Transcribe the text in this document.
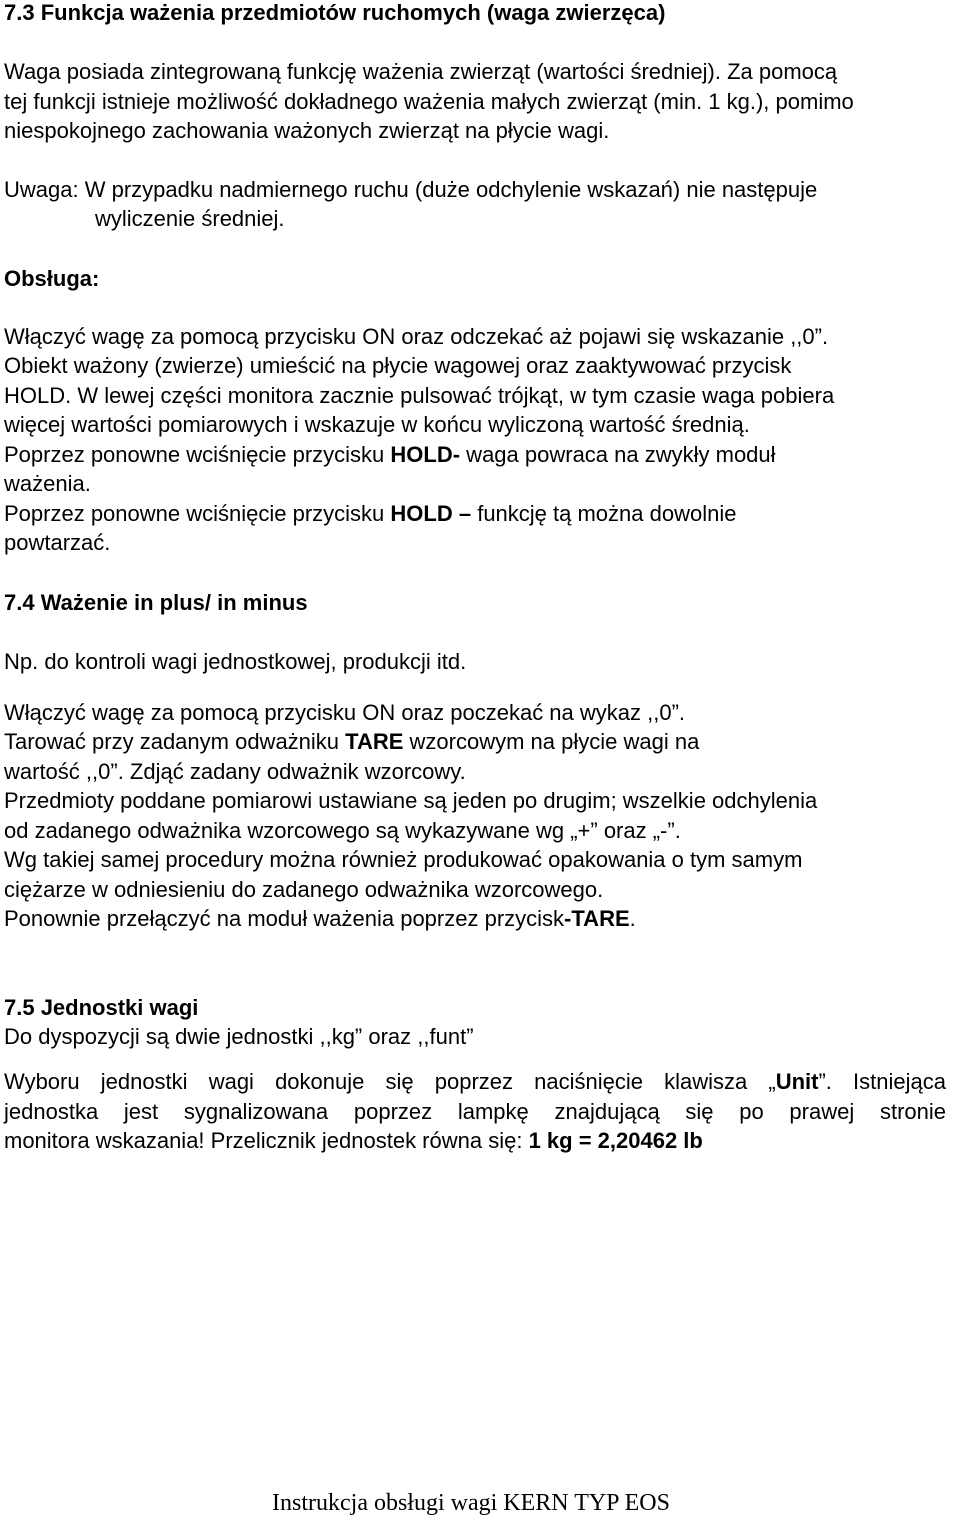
7.3 Funkcja ważenia przedmiotów ruchomych (waga zwierzęca)
Waga posiada zintegrowaną funkcję ważenia zwierząt (wartości średniej). Za pomocą
tej funkcji istnieje możliwość dokładnego ważenia małych zwierząt (min. 1 kg.), pomimo
niespokojnego zachowania ważonych zwierząt na płycie wagi.
Uwaga: W przypadku nadmiernego ruchu (duże odchylenie wskazań) nie następuje
wyliczenie średniej.
Obsługa:
Włączyć wagę za pomocą przycisku ON oraz odczekać aż pojawi się wskazanie ,,0”.
Obiekt ważony (zwierze) umieścić na płycie wagowej oraz zaaktywować przycisk
HOLD. W lewej części monitora zacznie pulsować trójkąt, w tym czasie waga pobiera
więcej wartości pomiarowych i wskazuje w końcu wyliczoną wartość średnią.
Poprzez ponowne wciśnięcie przycisku HOLD- waga powraca na zwykły moduł
ważenia.
Poprzez ponowne wciśnięcie przycisku HOLD – funkcję tą można dowolnie
powtarzać.
7.4 Ważenie in plus/ in minus
Np. do kontroli wagi jednostkowej, produkcji itd.
Włączyć wagę za pomocą przycisku ON oraz poczekać na wykaz ,,0”.
Tarować przy zadanym odważniku TARE wzorcowym na płycie wagi na
wartość ,,0”. Zdjąć zadany odważnik wzorcowy.
Przedmioty poddane pomiarowi ustawiane są jeden po drugim; wszelkie odchylenia
od zadanego odważnika wzorcowego są wykazywane wg „+” oraz „-”.
Wg takiej samej procedury można również produkować opakowania o tym samym
ciężarze w odniesieniu do zadanego odważnika wzorcowego.
Ponownie przełączyć na moduł ważenia poprzez przycisk-TARE.
7.5 Jednostki wagi
Do dyspozycji są dwie jednostki ,,kg” oraz ,,funt”
Wyboru jednostki wagi dokonuje się poprzez naciśnięcie klawisza „Unit”. Istniejąca
jednostka jest sygnalizowana poprzez lampkę znajdującą się po prawej stronie
monitora wskazania! Przelicznik jednostek równa się: 1 kg = 2,20462 lb
Instrukcja obsługi wagi KERN TYP EOS
